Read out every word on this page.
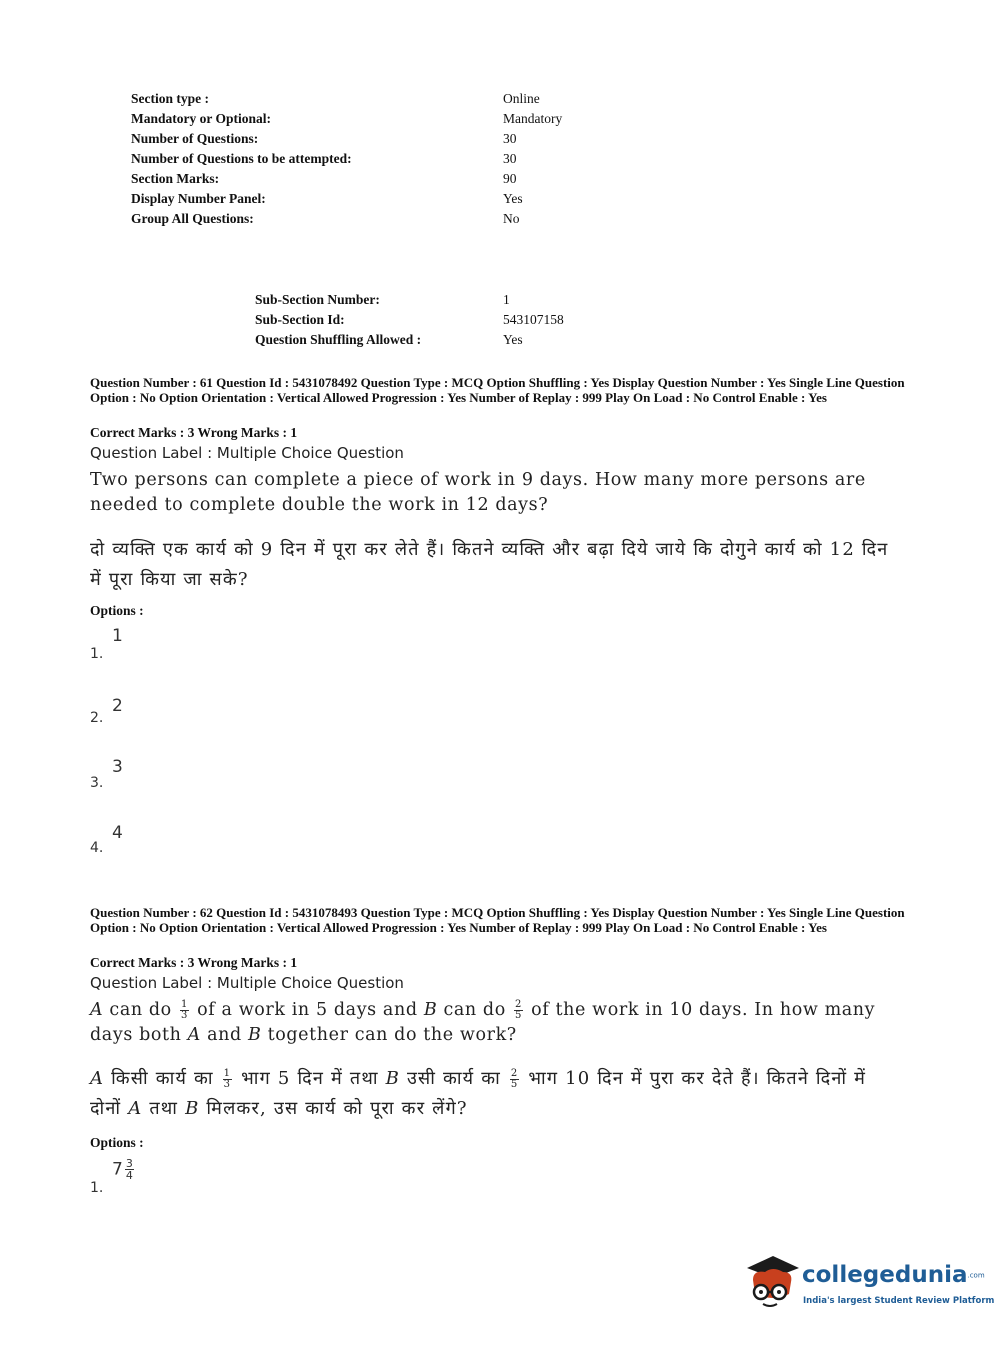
Section type :	Online
Mandatory or Optional:	Mandatory
Number of Questions:	30
Number of Questions to be attempted:	30
Section Marks:	90
Display Number Panel:	Yes
Group All Questions:	No
Sub-Section Number:	1
Sub-Section Id:	543107158
Question Shuffling Allowed :	Yes
Question Number : 61 Question Id : 5431078492 Question Type : MCQ Option Shuffling : Yes Display Question Number : Yes Single Line Question Option : No Option Orientation : Vertical Allowed Progression : Yes Number of Replay : 999 Play On Load : No Control Enable : Yes
Correct Marks : 3 Wrong Marks : 1
Question Label : Multiple Choice Question
Two persons can complete a piece of work in 9 days. How many more persons are needed to complete double the work in 12 days?
दो व्यक्ति एक कार्य को 9 दिन में पूरा कर लेते हैं। कितने व्यक्ति और बढ़ा दिये जाये कि दोगुने कार्य को 12 दिन में पूरा किया जा सके?
Options :
1
1.
2
2.
3
3.
4
4.
Question Number : 62 Question Id : 5431078493 Question Type : MCQ Option Shuffling : Yes Display Question Number : Yes Single Line Question Option : No Option Orientation : Vertical Allowed Progression : Yes Number of Replay : 999 Play On Load : No Control Enable : Yes
Correct Marks : 3 Wrong Marks : 1
Question Label : Multiple Choice Question
A can do $\frac{1}{3}$ of a work in 5 days and B can do $\frac{2}{5}$ of the work in 10 days. In how many days both A and B together can do the work?
A किसी कार्य का $\frac{1}{3}$ भाग 5 दिन में तथा B उसी कार्य का $\frac{2}{5}$ भाग 10 दिन में पुरा कर देते हैं। कितने दिनों में दोनों A तथा B मिलकर, उस कार्य को पूरा कर लेंगे?
Options :
$7 \frac{3}{4}$
1.
collegedunia.com
India's largest Student Review Platform
